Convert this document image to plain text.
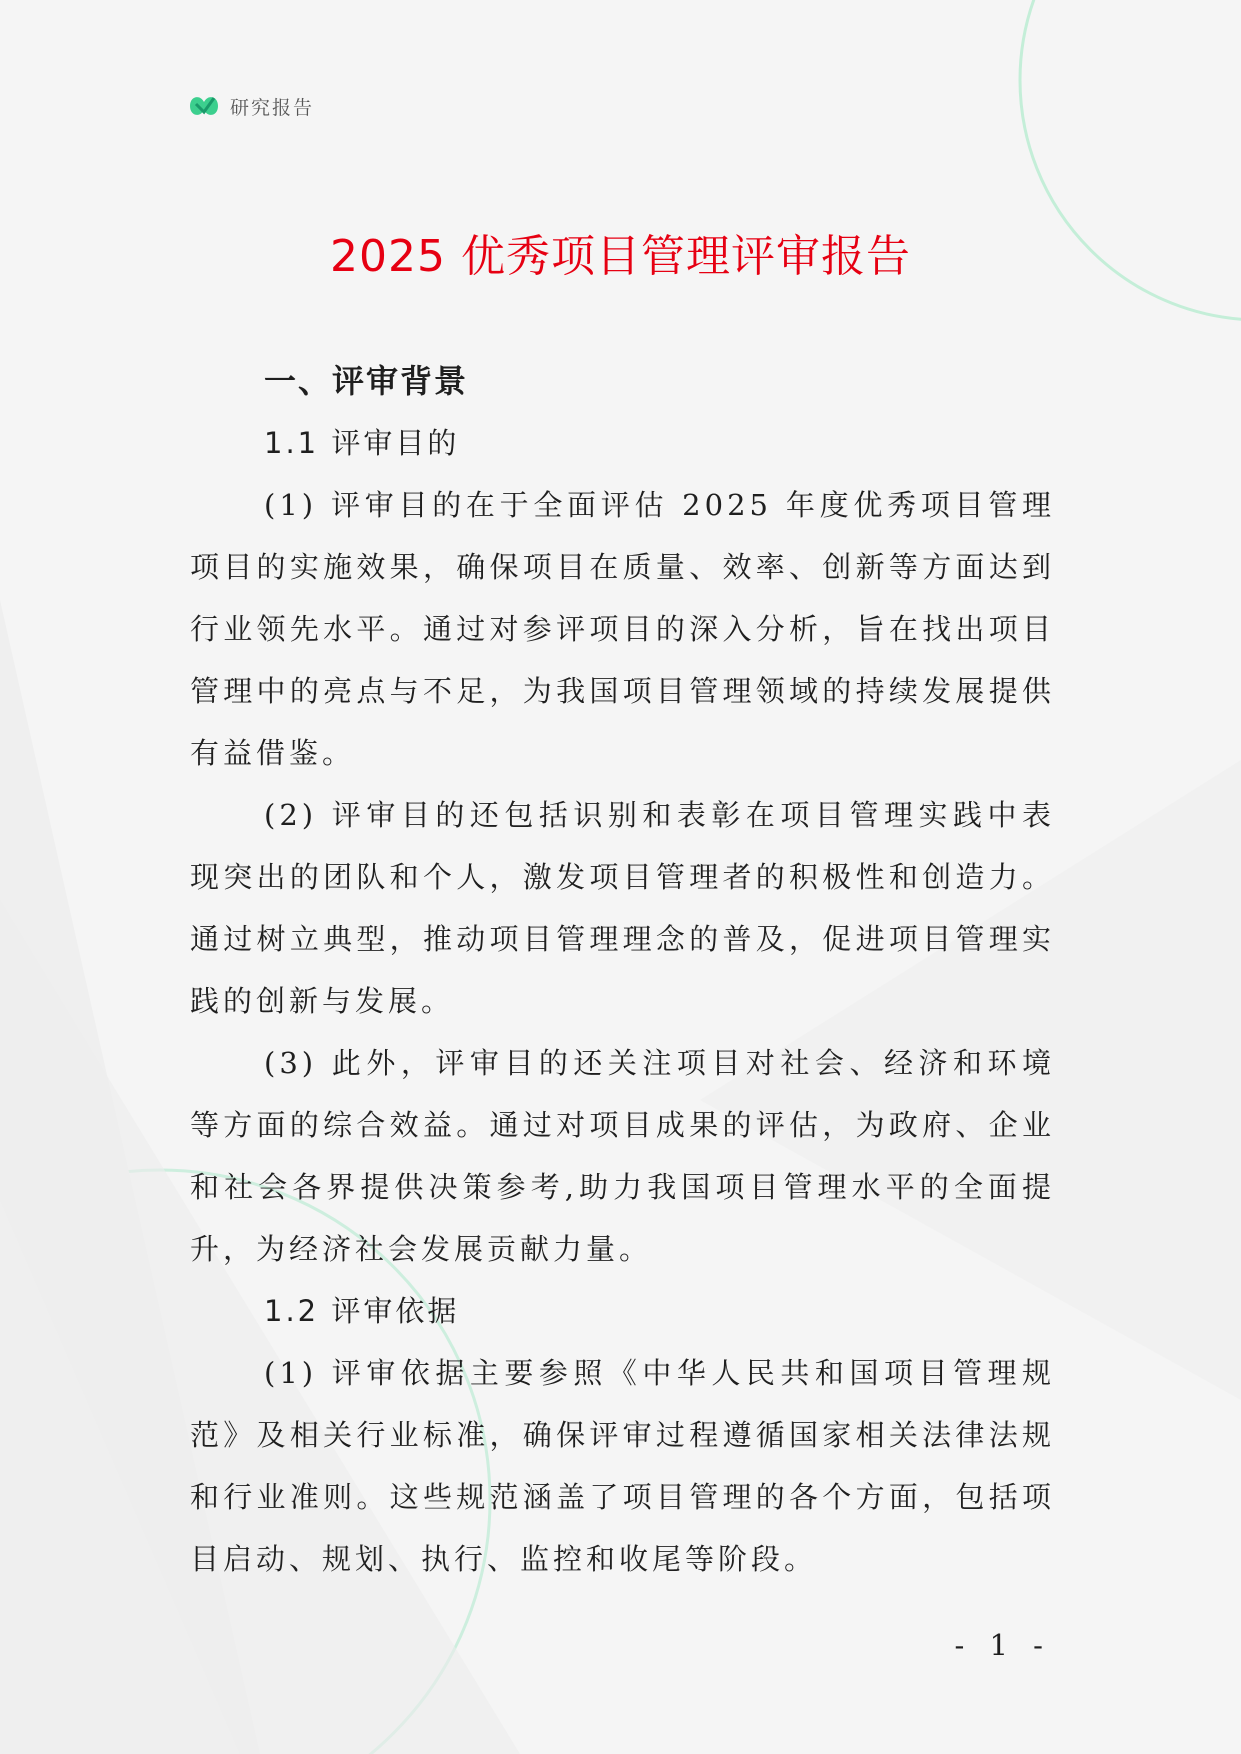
研究报告
2025 优秀项目管理评审报告
一、评审背景
1.1 评审目的

(1) 评审目的在于全面评估 2025 年度优秀项目管理项目的实施效果，确保项目在质量、效率、创新等方面达到行业领先水平。通过对参评项目的深入分析，旨在找出项目管理中的亮点与不足，为我国项目管理领域的持续发展提供有益借鉴。

(2) 评审目的还包括识别和表彰在项目管理实践中表现突出的团队和个人，激发项目管理者的积极性和创造力。通过树立典型，推动项目管理理念的普及，促进项目管理实践的创新与发展。

(3) 此外，评审目的还关注项目对社会、经济和环境等方面的综合效益。通过对项目成果的评估，为政府、企业和社会各界提供决策参考,助力我国项目管理水平的全面提升，为经济社会发展贡献力量。

1.2 评审依据

(1) 评审依据主要参照《中华人民共和国项目管理规范》及相关行业标准，确保评审过程遵循国家相关法律法规和行业准则。这些规范涵盖了项目管理的各个方面，包括项目启动、规划、执行、监控和收尾等阶段。

- 1 -
